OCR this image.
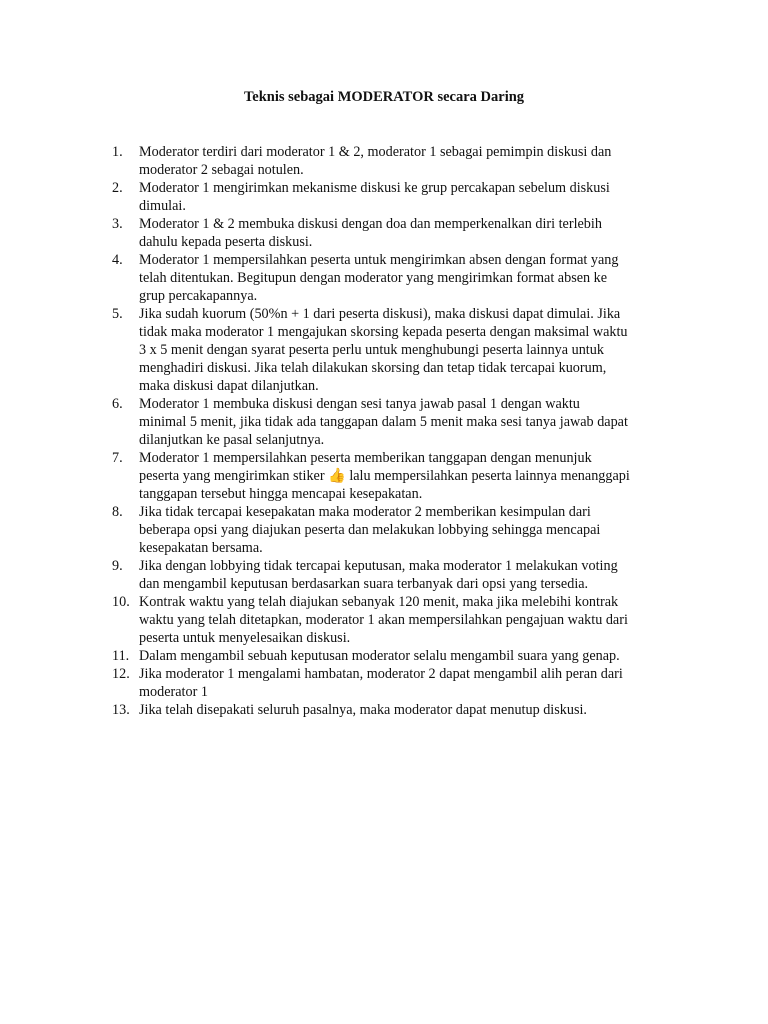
Teknis sebagai MODERATOR secara Daring
1.	Moderator terdiri dari moderator 1 & 2, moderator 1 sebagai pemimpin diskusi dan
moderator 2 sebagai notulen.
2.	Moderator 1 mengirimkan mekanisme diskusi ke grup percakapan sebelum diskusi
dimulai.
3.	Moderator 1 & 2 membuka diskusi dengan doa dan memperkenalkan diri terlebih
dahulu kepada peserta diskusi.
4.	Moderator 1 mempersilahkan peserta untuk mengirimkan absen dengan format yang
telah ditentukan. Begitupun dengan moderator yang mengirimkan format absen ke
grup percakapannya.
5.	Jika sudah kuorum (50%n + 1 dari peserta diskusi), maka diskusi dapat dimulai. Jika
tidak maka moderator 1 mengajukan skorsing kepada peserta dengan maksimal waktu
3 x 5 menit dengan syarat peserta perlu untuk menghubungi peserta lainnya untuk
menghadiri diskusi. Jika telah dilakukan skorsing dan tetap tidak tercapai kuorum,
maka diskusi dapat dilanjutkan.
6.	Moderator 1 membuka diskusi dengan sesi tanya jawab pasal 1 dengan waktu
minimal 5 menit, jika tidak ada tanggapan dalam 5 menit maka sesi tanya jawab dapat
dilanjutkan ke pasal selanjutnya.
7.	Moderator 1 mempersilahkan peserta memberikan tanggapan dengan menunjuk
peserta yang mengirimkan stiker 👍 lalu mempersilahkan peserta lainnya menanggapi
tanggapan tersebut hingga mencapai kesepakatan.
8.	Jika tidak tercapai kesepakatan maka moderator 2 memberikan kesimpulan dari
beberapa opsi yang diajukan peserta dan melakukan lobbying sehingga mencapai
kesepakatan bersama.
9.	Jika dengan lobbying tidak tercapai keputusan, maka moderator 1 melakukan voting
dan mengambil keputusan berdasarkan suara terbanyak dari opsi yang tersedia.
10. Kontrak waktu yang telah diajukan sebanyak 120 menit, maka jika melebihi kontrak
waktu yang telah ditetapkan, moderator 1 akan mempersilahkan pengajuan waktu dari
peserta untuk menyelesaikan diskusi.
11. Dalam mengambil sebuah keputusan moderator selalu mengambil suara yang genap.
12. Jika moderator 1 mengalami hambatan, moderator 2 dapat mengambil alih peran dari
moderator 1
13. Jika telah disepakati seluruh pasalnya, maka moderator dapat menutup diskusi.
